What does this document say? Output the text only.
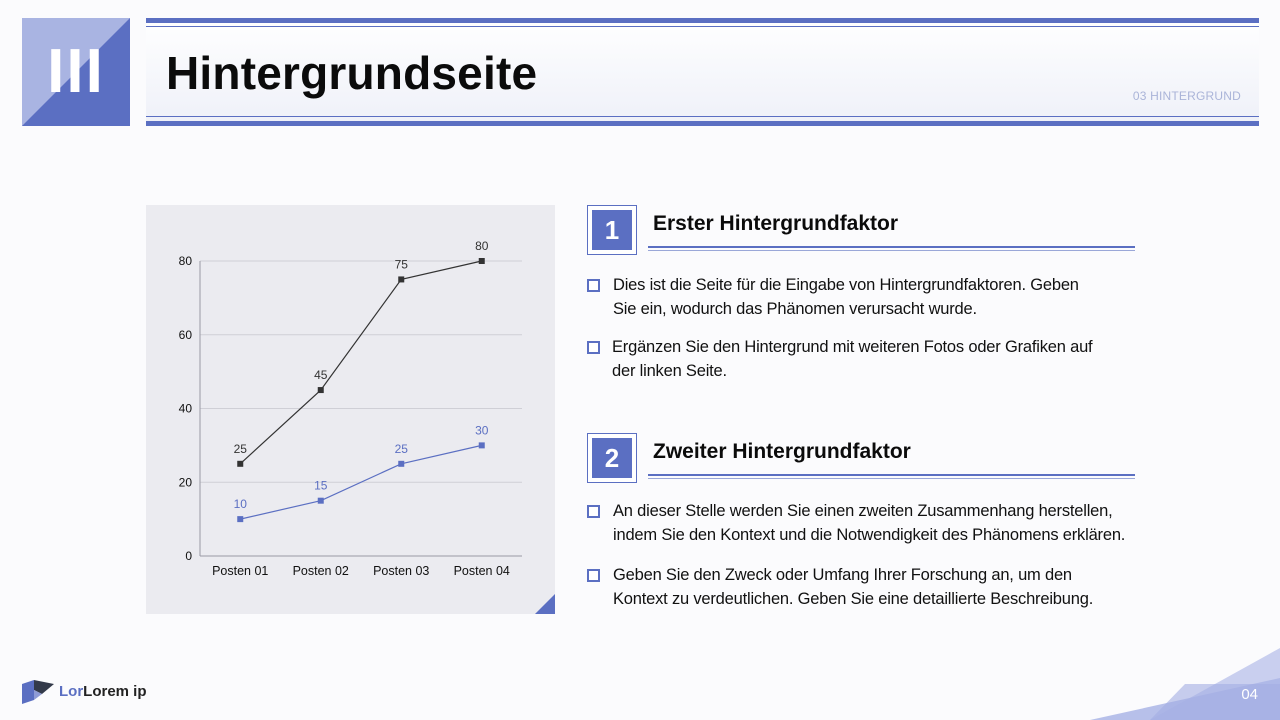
III	Hintergrundseite	03 HINTERGRUND
0
20
40
60
80
Posten 01 Posten 02 Posten 03 Posten 04
25
45
75
80
10
15
25
30
1	Erster Hintergrundfaktor
Dies ist die Seite für die Eingabe von Hintergrundfaktoren. Geben Sie ein, wodurch das Phänomen verursacht wurde.
Ergänzen Sie den Hintergrund mit weiteren Fotos oder Grafiken auf der linken Seite.
2	Zweiter Hintergrundfaktor
An dieser Stelle werden Sie einen zweiten Zusammenhang herstellen, indem Sie den Kontext und die Notwendigkeit des Phänomens erklären.
Geben Sie den Zweck oder Umfang Ihrer Forschung an, um den Kontext zu verdeutlichen. Geben Sie eine detaillierte Beschreibung.
LorLorem ip	04
